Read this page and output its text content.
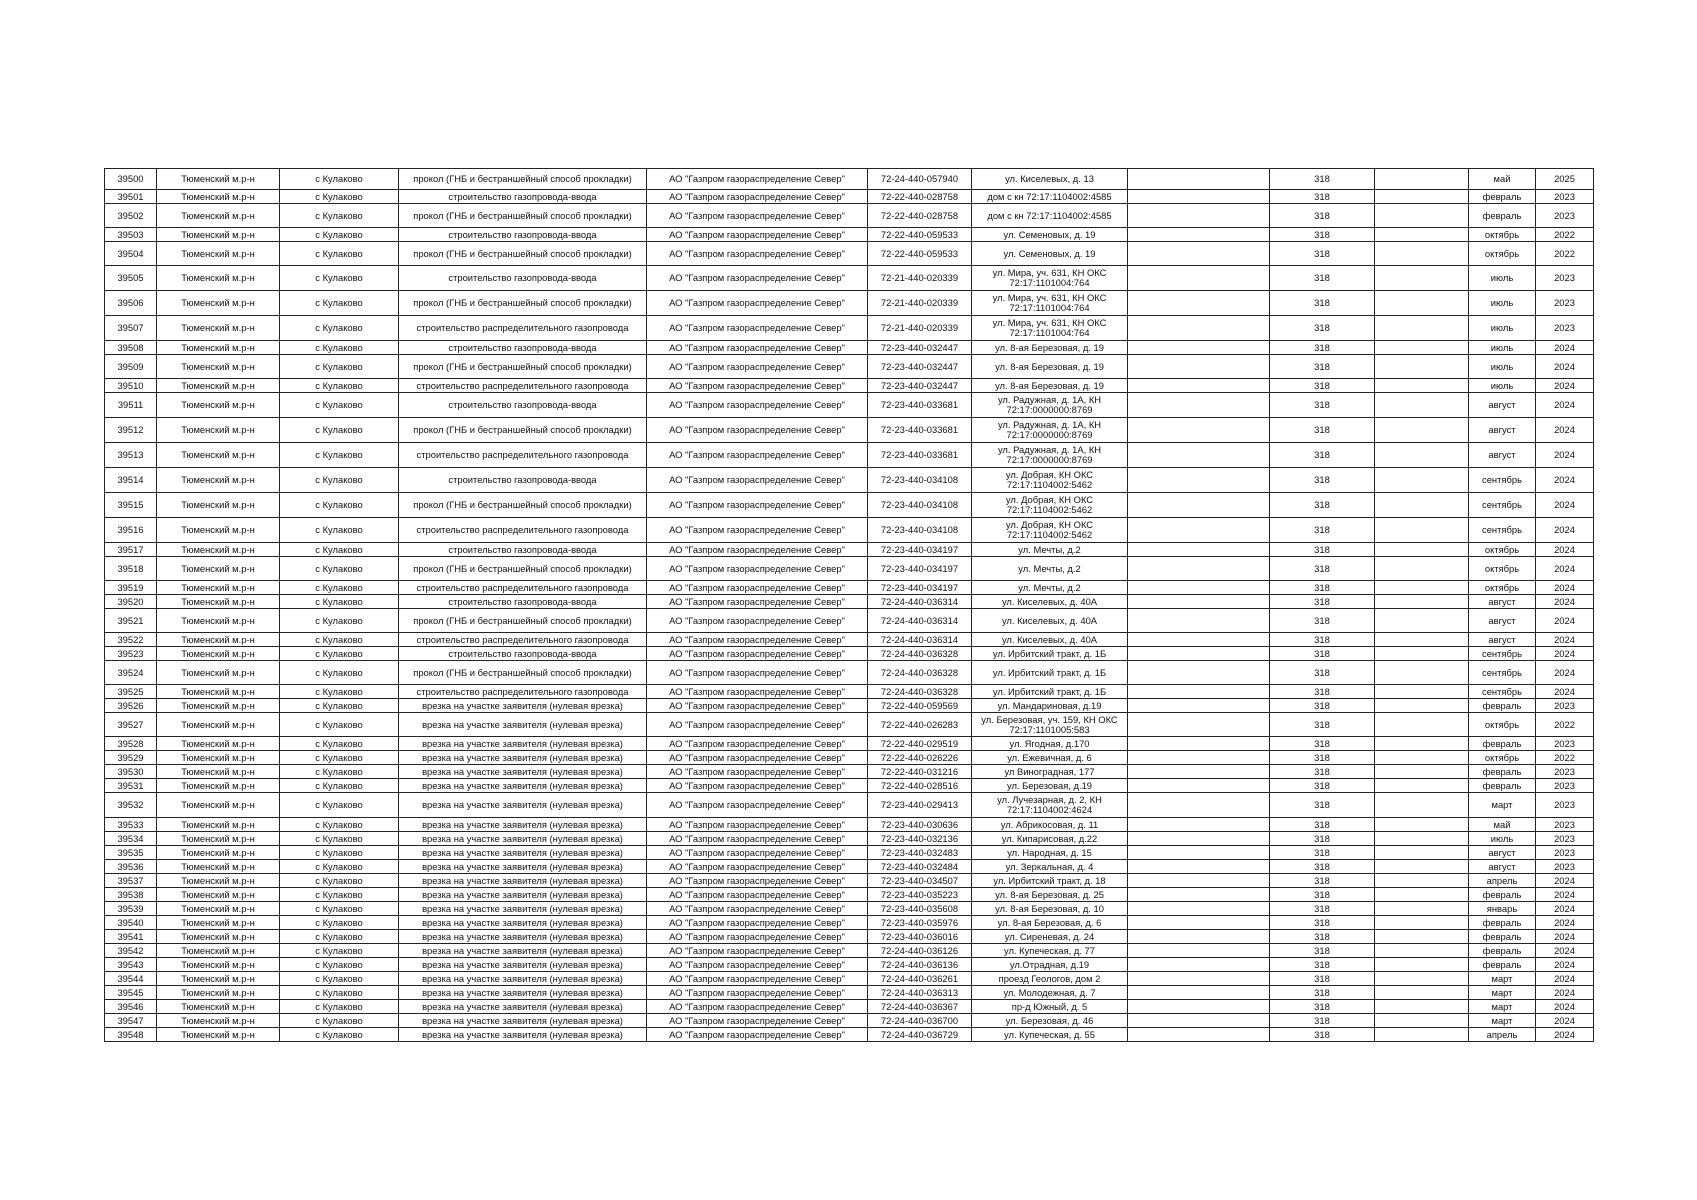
39500	Тюменский м.р-н	с Кулаково	прокол (ГНБ и бестраншейный способ прокладки)	АО "Газпром газораспределение Север"	72-24-440-057940	ул. Киселевых, д. 13		318		май	2025
39501	Тюменский м.р-н	с Кулаково	строительство газопровода-ввода	АО "Газпром газораспределение Север"	72-22-440-028758	дом с кн 72:17:1104002:4585		318		февраль	2023
39502	Тюменский м.р-н	с Кулаково	прокол (ГНБ и бестраншейный способ прокладки)	АО "Газпром газораспределение Север"	72-22-440-028758	дом с кн 72:17:1104002:4585		318		февраль	2023
39503	Тюменский м.р-н	с Кулаково	строительство газопровода-ввода	АО "Газпром газораспределение Север"	72-22-440-059533	ул. Семеновых, д. 19		318		октябрь	2022
39504	Тюменский м.р-н	с Кулаково	прокол (ГНБ и бестраншейный способ прокладки)	АО "Газпром газораспределение Север"	72-22-440-059533	ул. Семеновых, д. 19		318		октябрь	2022
39505	Тюменский м.р-н	с Кулаково	строительство газопровода-ввода	АО "Газпром газораспределение Север"	72-21-440-020339	ул. Мира, уч. 631, КН ОКС 72:17:1101004:764		318		июль	2023
39506	Тюменский м.р-н	с Кулаково	прокол (ГНБ и бестраншейный способ прокладки)	АО "Газпром газораспределение Север"	72-21-440-020339	ул. Мира, уч. 631, КН ОКС 72:17:1101004:764		318		июль	2023
39507	Тюменский м.р-н	с Кулаково	строительство распределительного газопровода	АО "Газпром газораспределение Север"	72-21-440-020339	ул. Мира, уч. 631, КН ОКС 72:17:1101004:764		318		июль	2023
39508	Тюменский м.р-н	с Кулаково	строительство газопровода-ввода	АО "Газпром газораспределение Север"	72-23-440-032447	ул. 8-ая Березовая, д. 19		318		июль	2024
39509	Тюменский м.р-н	с Кулаково	прокол (ГНБ и бестраншейный способ прокладки)	АО "Газпром газораспределение Север"	72-23-440-032447	ул. 8-ая Березовая, д. 19		318		июль	2024
39510	Тюменский м.р-н	с Кулаково	строительство распределительного газопровода	АО "Газпром газораспределение Север"	72-23-440-032447	ул. 8-ая Березовая, д. 19		318		июль	2024
39511	Тюменский м.р-н	с Кулаково	строительство газопровода-ввода	АО "Газпром газораспределение Север"	72-23-440-033681	ул. Радужная, д. 1А, КН 72:17:0000000:8769		318		август	2024
39512	Тюменский м.р-н	с Кулаково	прокол (ГНБ и бестраншейный способ прокладки)	АО "Газпром газораспределение Север"	72-23-440-033681	ул. Радужная, д. 1А, КН 72:17:0000000:8769		318		август	2024
39513	Тюменский м.р-н	с Кулаково	строительство распределительного газопровода	АО "Газпром газораспределение Север"	72-23-440-033681	ул. Радужная, д. 1А, КН 72:17:0000000:8769		318		август	2024
39514	Тюменский м.р-н	с Кулаково	строительство газопровода-ввода	АО "Газпром газораспределение Север"	72-23-440-034108	ул. Добрая, КН ОКС 72:17:1104002:5462		318		сентябрь	2024
39515	Тюменский м.р-н	с Кулаково	прокол (ГНБ и бестраншейный способ прокладки)	АО "Газпром газораспределение Север"	72-23-440-034108	ул. Добрая, КН ОКС 72:17:1104002:5462		318		сентябрь	2024
39516	Тюменский м.р-н	с Кулаково	строительство распределительного газопровода	АО "Газпром газораспределение Север"	72-23-440-034108	ул. Добрая, КН ОКС 72:17:1104002:5462		318		сентябрь	2024
39517	Тюменский м.р-н	с Кулаково	строительство газопровода-ввода	АО "Газпром газораспределение Север"	72-23-440-034197	ул. Мечты, д.2		318		октябрь	2024
39518	Тюменский м.р-н	с Кулаково	прокол (ГНБ и бестраншейный способ прокладки)	АО "Газпром газораспределение Север"	72-23-440-034197	ул. Мечты, д.2		318		октябрь	2024
39519	Тюменский м.р-н	с Кулаково	строительство распределительного газопровода	АО "Газпром газораспределение Север"	72-23-440-034197	ул. Мечты, д.2		318		октябрь	2024
39520	Тюменский м.р-н	с Кулаково	строительство газопровода-ввода	АО "Газпром газораспределение Север"	72-24-440-036314	ул. Киселевых, д. 40А		318		август	2024
39521	Тюменский м.р-н	с Кулаково	прокол (ГНБ и бестраншейный способ прокладки)	АО "Газпром газораспределение Север"	72-24-440-036314	ул. Киселевых, д. 40А		318		август	2024
39522	Тюменский м.р-н	с Кулаково	строительство распределительного газопровода	АО "Газпром газораспределение Север"	72-24-440-036314	ул. Киселевых, д. 40А		318		август	2024
39523	Тюменский м.р-н	с Кулаково	строительство газопровода-ввода	АО "Газпром газораспределение Север"	72-24-440-036328	ул. Ирбитский тракт, д. 1Б		318		сентябрь	2024
39524	Тюменский м.р-н	с Кулаково	прокол (ГНБ и бестраншейный способ прокладки)	АО "Газпром газораспределение Север"	72-24-440-036328	ул. Ирбитский тракт, д. 1Б		318		сентябрь	2024
39525	Тюменский м.р-н	с Кулаково	строительство распределительного газопровода	АО "Газпром газораспределение Север"	72-24-440-036328	ул. Ирбитский тракт, д. 1Б		318		сентябрь	2024
39526	Тюменский м.р-н	с Кулаково	врезка на участке заявителя (нулевая врезка)	АО "Газпром газораспределение Север"	72-22-440-059569	ул. Мандариновая, д.19		318		февраль	2023
39527	Тюменский м.р-н	с Кулаково	врезка на участке заявителя (нулевая врезка)	АО "Газпром газораспределение Север"	72-22-440-026283	ул. Березовая, уч. 159, КН ОКС 72:17:1101005:583		318		октябрь	2022
39528	Тюменский м.р-н	с Кулаково	врезка на участке заявителя (нулевая врезка)	АО "Газпром газораспределение Север"	72-22-440-029519	ул. Ягодная, д.170		318		февраль	2023
39529	Тюменский м.р-н	с Кулаково	врезка на участке заявителя (нулевая врезка)	АО "Газпром газораспределение Север"	72-22-440-026226	ул. Ежевичная, д. 6		318		октябрь	2022
39530	Тюменский м.р-н	с Кулаково	врезка на участке заявителя (нулевая врезка)	АО "Газпром газораспределение Север"	72-22-440-031216	ул Виноградная, 177		318		февраль	2023
39531	Тюменский м.р-н	с Кулаково	врезка на участке заявителя (нулевая врезка)	АО "Газпром газораспределение Север"	72-22-440-028516	ул. Березовая, д.19		318		февраль	2023
39532	Тюменский м.р-н	с Кулаково	врезка на участке заявителя (нулевая врезка)	АО "Газпром газораспределение Север"	72-23-440-029413	ул. Лучезарная, д. 2, КН 72:17:1104002:4624		318		март	2023
39533	Тюменский м.р-н	с Кулаково	врезка на участке заявителя (нулевая врезка)	АО "Газпром газораспределение Север"	72-23-440-030636	ул. Абрикосовая, д. 11		318		май	2023
39534	Тюменский м.р-н	с Кулаково	врезка на участке заявителя (нулевая врезка)	АО "Газпром газораспределение Север"	72-23-440-032136	ул. Кипарисовая, д.22		318		июль	2023
39535	Тюменский м.р-н	с Кулаково	врезка на участке заявителя (нулевая врезка)	АО "Газпром газораспределение Север"	72-23-440-032483	ул. Народная, д. 15		318		август	2023
39536	Тюменский м.р-н	с Кулаково	врезка на участке заявителя (нулевая врезка)	АО "Газпром газораспределение Север"	72-23-440-032484	ул. Зеркальная, д. 4		318		август	2023
39537	Тюменский м.р-н	с Кулаково	врезка на участке заявителя (нулевая врезка)	АО "Газпром газораспределение Север"	72-23-440-034507	ул. Ирбитский тракт, д. 18		318		апрель	2024
39538	Тюменский м.р-н	с Кулаково	врезка на участке заявителя (нулевая врезка)	АО "Газпром газораспределение Север"	72-23-440-035223	ул. 8-ая Березовая, д. 25		318		февраль	2024
39539	Тюменский м.р-н	с Кулаково	врезка на участке заявителя (нулевая врезка)	АО "Газпром газораспределение Север"	72-23-440-035608	ул. 8-ая Березовая, д. 10		318		январь	2024
39540	Тюменский м.р-н	с Кулаково	врезка на участке заявителя (нулевая врезка)	АО "Газпром газораспределение Север"	72-23-440-035976	ул. 8-ая Березовая, д. 6		318		февраль	2024
39541	Тюменский м.р-н	с Кулаково	врезка на участке заявителя (нулевая врезка)	АО "Газпром газораспределение Север"	72-23-440-036016	ул. Сиреневая, д. 24		318		февраль	2024
39542	Тюменский м.р-н	с Кулаково	врезка на участке заявителя (нулевая врезка)	АО "Газпром газораспределение Север"	72-24-440-036126	ул. Купеческая, д. 77		318		февраль	2024
39543	Тюменский м.р-н	с Кулаково	врезка на участке заявителя (нулевая врезка)	АО "Газпром газораспределение Север"	72-24-440-036136	ул.Отрадная, д.19		318		февраль	2024
39544	Тюменский м.р-н	с Кулаково	врезка на участке заявителя (нулевая врезка)	АО "Газпром газораспределение Север"	72-24-440-036261	проезд Геологов, дом 2		318		март	2024
39545	Тюменский м.р-н	с Кулаково	врезка на участке заявителя (нулевая врезка)	АО "Газпром газораспределение Север"	72-24-440-036313	ул. Молодежная, д. 7		318		март	2024
39546	Тюменский м.р-н	с Кулаково	врезка на участке заявителя (нулевая врезка)	АО "Газпром газораспределение Север"	72-24-440-036367	пр-д Южный, д. 5		318		март	2024
39547	Тюменский м.р-н	с Кулаково	врезка на участке заявителя (нулевая врезка)	АО "Газпром газораспределение Север"	72-24-440-036700	ул. Березовая, д. 46		318		март	2024
39548	Тюменский м.р-н	с Кулаково	врезка на участке заявителя (нулевая врезка)	АО "Газпром газораспределение Север"	72-24-440-036729	ул. Купеческая, д. 55		318		апрель	2024
